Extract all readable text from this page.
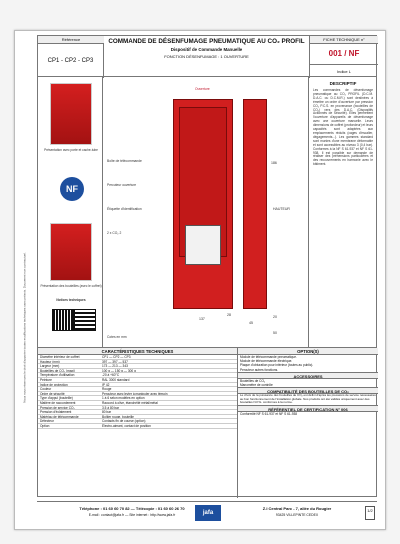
Nous nous réservons le droit d'apporter toutes modifications techniques sans préavis. Document non contractuel.
Référence
CP1 - CP2 - CP3
COMMANDE DE DÉSENFUMAGE PNEUMATIQUE AU CO₂ PROFIL
Dispositif de Commande Manuelle
FONCTION DÉSENFUMAGE : 1 OUVERTURE
FICHE TECHNIQUE n°
001 / NF
Indice L
Présentation avec porte et cache-tube
NF
Présentation des bouteilles (avec le coffret)
Notices techniques
Ouverture
Boîte de télécommande
Percuteur ouverture
Étiquette d'identification
2 x CO₂ 2
Cotes en mm
HAUTEUR
186
137
45
20
50
28
DESCRIPTIF
Les commandes de désenfumage pneumatique au CO₂ PROFIL (D.C.M. D.A.C. ou D.C.M.R.) sont destinées à émettre un ordre d'ouverture par pression CO₂ P.C.S. en provenance (bouteilles de CO₂) vers des D.A.C. (Dispositifs Actionnés de Sécurité). Elles permettent l'ouverture d'appareils de désenfumage avec une ouverture manuelle. Leurs dimensions de coffret (profondeur) et leurs capacités sont adaptées aux emplacements réduits (cages d'escalier, dégagements...). Les gammes standard sont munies d'une membrane déformable et sont accessibles au niveau 3 (0,4 bar). Conformes à la NF S 61-937 et NF S 61-938. Il est possible sur demande de réaliser des préhensions particulières et des recouvrements en harmonie avec le bâtiment.
CARACTÉRISTIQUES TECHNIQUES
Diamètre intérieur de coffret	CP1 — CP2 — CP3
Hauteur (mm)	397 — 397 — 537
Largeur (mm)	173 — 213 — 343
Bouteilles de CO₂ (maxi)	100 g — 150 g — 300 g
Température d'utilisation	-20 à +60°C
Peinture	RAL 3000 standard
Indice de protection	IP 42
Couleur	Rouge
Ordre de sécurité	Percuteur avec levier à manipuler avec témoin
Type d'appui (bouteille)	1 à 6 selon modèles en option
Matière de raccordement	Raccord à olive, étanchéité métal/métal
Pression de service CO₂	3,5 à 80 bar
Pression d'éclatement	80 bar
Matériau de télécommande	Boîtier rouge, bouteille
Détecteur	Contacts fin de course (option)
Option	Électro-aimant, contact de position
OPTION(S)
Module de télécommande pneumatique.
Module de télécommande électrique.
Plaque d'obturation pour intérieur (toutes au public).
Percuteur autres fonctions.
ACCESSOIRES
Bouteilles de CO₂
Manomètre de contrôle
COMPATIBILITÉ DES BOUTEILLES DE CO₂
Le choix de la puissance des bouteilles de CO₂ est défini d'après les pressions de service nécessaires au bon fonctionnement de l'installation globale. Nos produits ont été validés uniquement avec des bouteilles N.P.G. conformes à la norme.
RÉFÉRENTIEL DE CERTIFICATION N° 006
Conformité NF S 61-937 et NF S 61-938
Téléphone : 01 60 60 70 82 — Télécopie : 01 60 60 26 70
E-mail : contact@jafa.fr — Site internet : http://www.jafa.fr	jafa
Z.I Central Parc - 7, allée du Rougier
93425 VILLEPINTE CEDEX
1/2
